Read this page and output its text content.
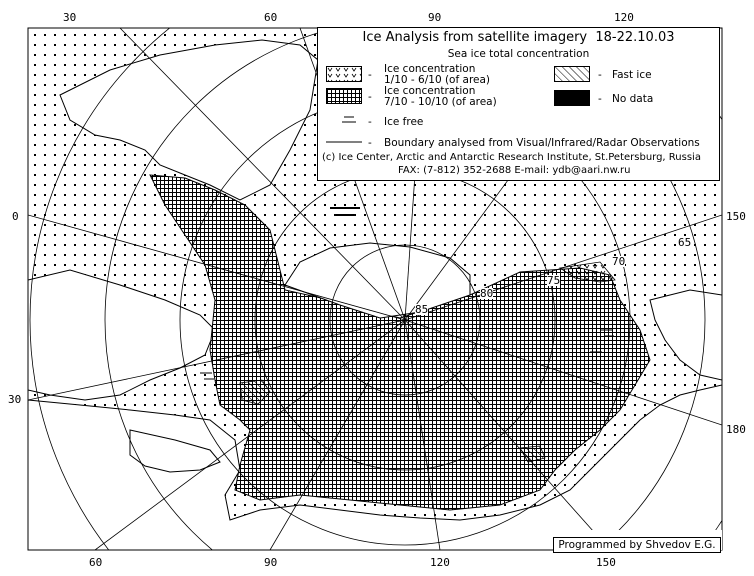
30	60	90	120
60	90	120	150
0
30
150
180
85
80
75
70
65
Ice Analysis from satellite imagery 18-22.10.03
Sea ice total concentration
- Ice concentration
1/10 - 6/10 (of area)
- Ice concentration
7/10 - 10/10 (of area)
- Ice free
- Fast ice
- No data
- Boundary analysed from Visual/Infrared/Radar Observations
(c) Ice Center, Arctic and Antarctic Research Institute, St.Petersburg, Russia
FAX: (7-812) 352-2688 E-mail: ydb@aari.nw.ru
Programmed by Shvedov E.G.
